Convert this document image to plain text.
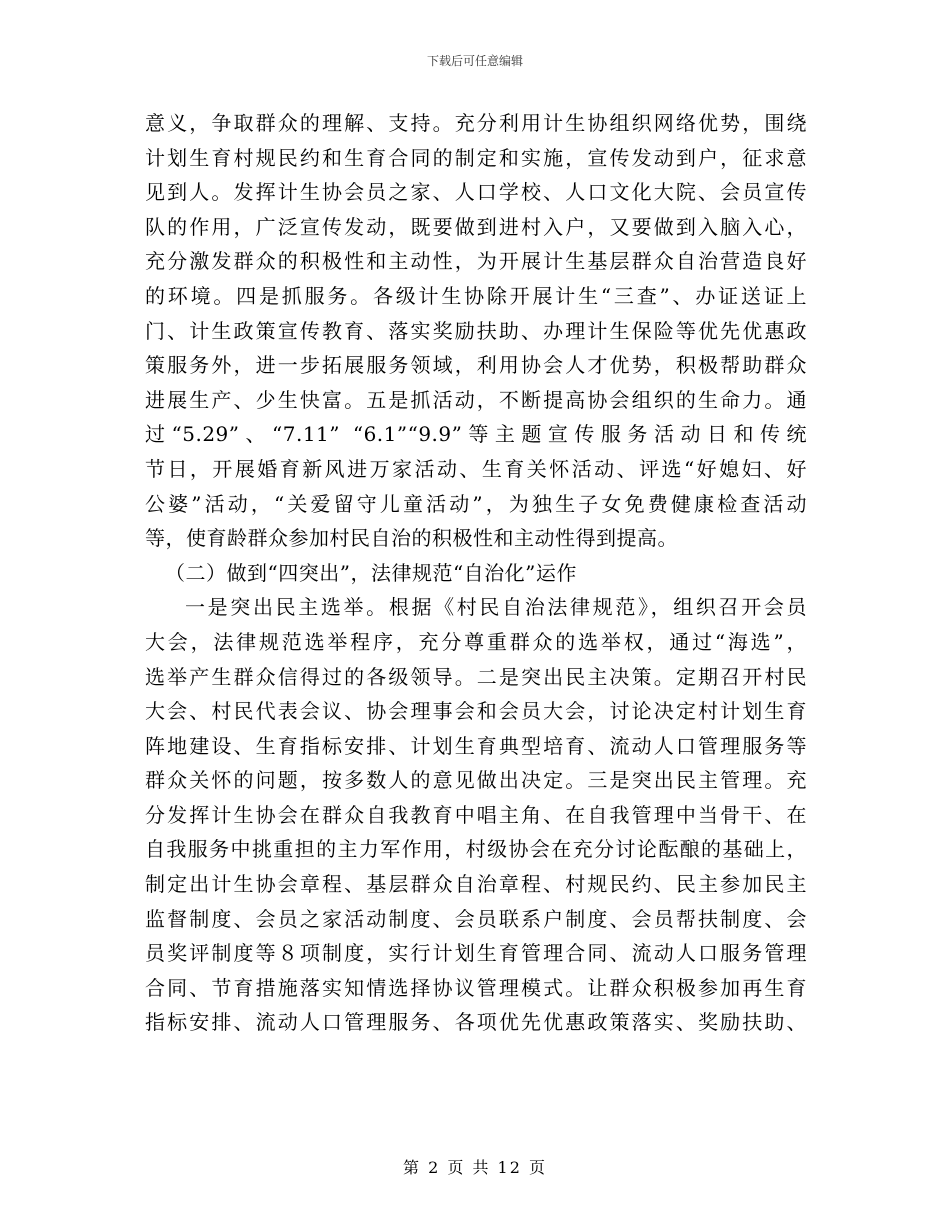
下载后可任意编辑
意义，争取群众的理解、支持。充分利用计生协组织网络优势，围绕
计划生育村规民约和生育合同的制定和实施，宣传发动到户，征求意
见到人。发挥计生协会员之家、人口学校、人口文化大院、会员宣传
队的作用，广泛宣传发动，既要做到进村入户，又要做到入脑入心，
充分激发群众的积极性和主动性，为开展计生基层群众自治营造良好
的环境。四是抓服务。各级计生协除开展计生“三查”、办证送证上
门、计生政策宣传教育、落实奖励扶助、办理计生保险等优先优惠政
策服务外，进一步拓展服务领域，利用协会人才优势，积极帮助群众
进展生产、少生快富。五是抓活动，不断提高协会组织的生命力。通
过“5.29”、“7.11” “6.1”“9.9”等主题宣传服务活动日和传统
节日，开展婚育新风进万家活动、生育关怀活动、评选“好媳妇、好
公婆”活动，“关爱留守儿童活动”，为独生子女免费健康检查活动
等，使育龄群众参加村民自治的积极性和主动性得到提高。
（二）做到“四突出”，法律规范“自治化”运作
一是突出民主选举。根据《村民自治法律规范》，组织召开会员
大会，法律规范选举程序，充分尊重群众的选举权，通过“海选”，
选举产生群众信得过的各级领导。二是突出民主决策。定期召开村民
大会、村民代表会议、协会理事会和会员大会，讨论决定村计划生育
阵地建设、生育指标安排、计划生育典型培育、流动人口管理服务等
群众关怀的问题，按多数人的意见做出决定。三是突出民主管理。充
分发挥计生协会在群众自我教育中唱主角、在自我管理中当骨干、在
自我服务中挑重担的主力军作用，村级协会在充分讨论酝酿的基础上，
制定出计生协会章程、基层群众自治章程、村规民约、民主参加民主
监督制度、会员之家活动制度、会员联系户制度、会员帮扶制度、会
员奖评制度等８项制度，实行计划生育管理合同、流动人口服务管理
合同、节育措施落实知情选择协议管理模式。让群众积极参加再生育
指标安排、流动人口管理服务、各项优先优惠政策落实、奖励扶助、
第 2 页 共 12 页
